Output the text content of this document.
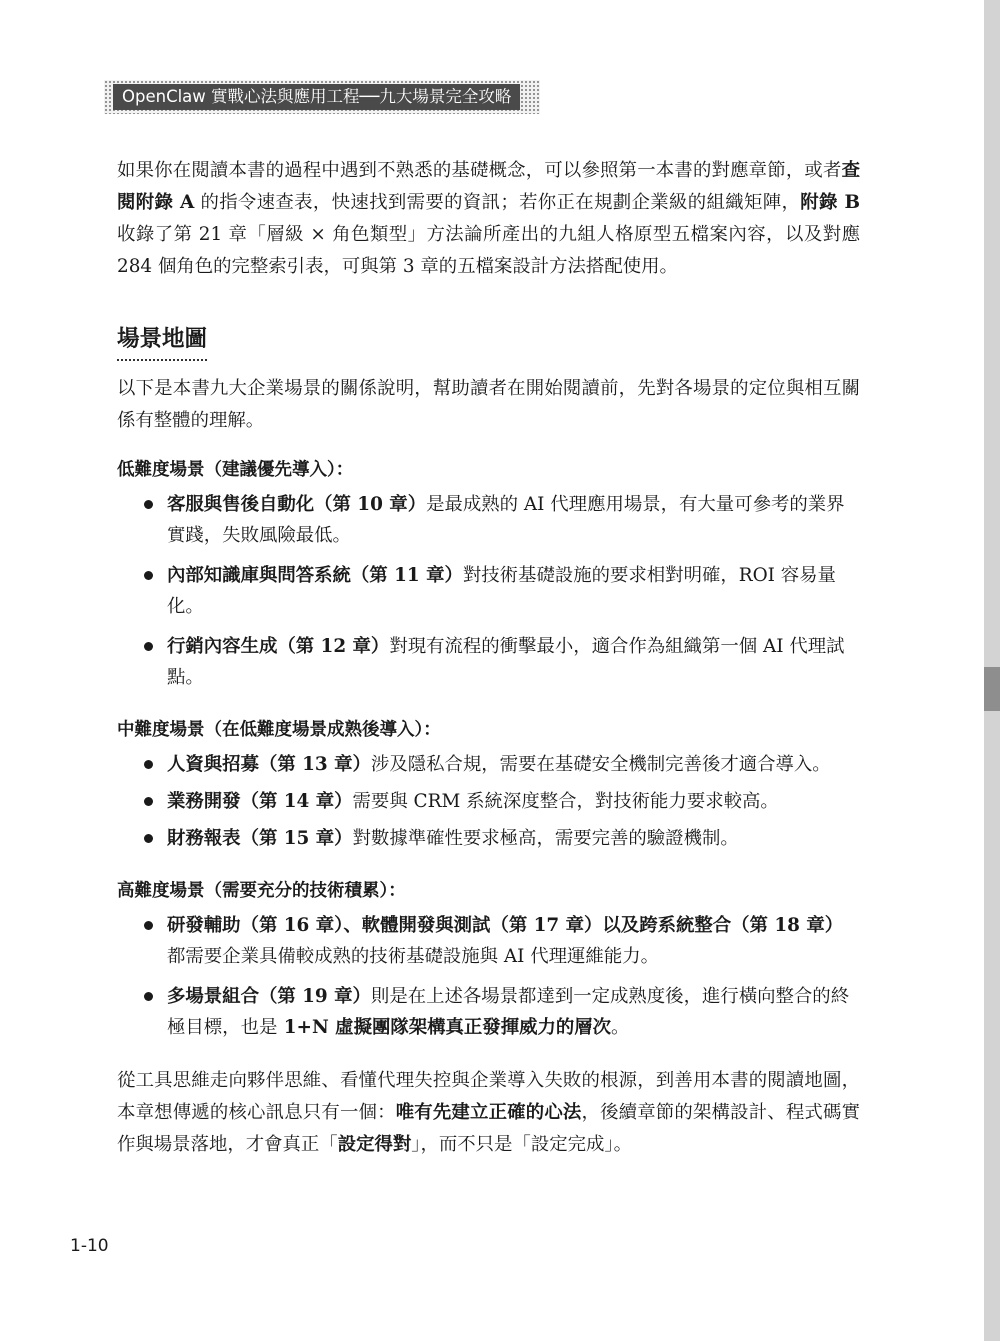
OpenClaw 實戰心法與應用工程──九大場景完全攻略

如果你在閱讀本書的過程中遇到不熟悉的基礎概念，可以參照第一本書的對應章節，或者查閱附錄 A 的指令速查表，快速找到需要的資訊；若你正在規劃企業級的組織矩陣，附錄 B 收錄了第 21 章「層級 × 角色類型」方法論所產出的九組人格原型五檔案內容，以及對應 284 個角色的完整索引表，可與第 3 章的五檔案設計方法搭配使用。

場景地圖

以下是本書九大企業場景的關係說明，幫助讀者在開始閱讀前，先對各場景的定位與相互關係有整體的理解。

低難度場景（建議優先導入）：

客服與售後自動化（第 10 章）是最成熟的 AI 代理應用場景，有大量可參考的業界實踐，失敗風險最低。
內部知識庫與問答系統（第 11 章）對技術基礎設施的要求相對明確，ROI 容易量化。
行銷內容生成（第 12 章）對現有流程的衝擊最小，適合作為組織第一個 AI 代理試點。

中難度場景（在低難度場景成熟後導入）：

人資與招募（第 13 章）涉及隱私合規，需要在基礎安全機制完善後才適合導入。
業務開發（第 14 章）需要與 CRM 系統深度整合，對技術能力要求較高。
財務報表（第 15 章）對數據準確性要求極高，需要完善的驗證機制。

高難度場景（需要充分的技術積累）：

研發輔助（第 16 章）、軟體開發與測試（第 17 章）以及跨系統整合（第 18 章）都需要企業具備較成熟的技術基礎設施與 AI 代理運維能力。
多場景組合（第 19 章）則是在上述各場景都達到一定成熟度後，進行橫向整合的終極目標，也是 1+N 虛擬團隊架構真正發揮威力的層次。

從工具思維走向夥伴思維、看懂代理失控與企業導入失敗的根源，到善用本書的閱讀地圖，本章想傳遞的核心訊息只有一個：唯有先建立正確的心法，後續章節的架構設計、程式碼實作與場景落地，才會真正「設定得對」，而不只是「設定完成」。

1-10
